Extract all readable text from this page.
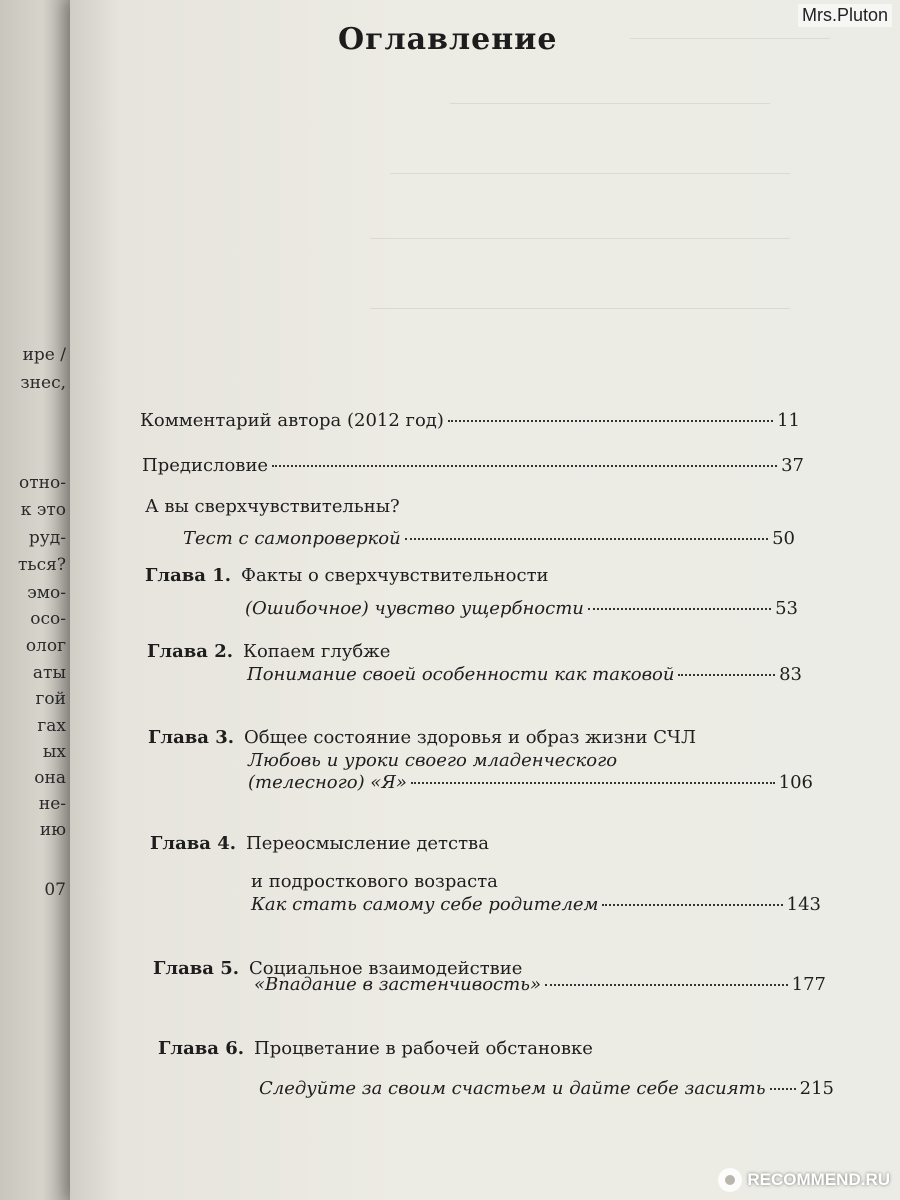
ире /
знес,
отно-
к это
руд-
ться?
эмо-
осо-
олог
аты
гой
гах
ых
она
не-
ию
07
Mrs.Pluton
Оглавление
Комментарий автора (2012 год)	11
Предисловие	37
А вы сверхчувствительны?
Тест с самопроверкой	50
Глава 1. Факты о сверхчувствительности
(Ошибочное) чувство ущербности	53
Глава 2. Копаем глубже
Понимание своей особенности как таковой	83
Глава 3. Общее состояние здоровья и образ жизни СЧЛ
Любовь и уроки своего младенческого
(телесного) «Я»	106
Глава 4. Переосмысление детства
и подросткового возраста
Как стать самому себе родителем	143
Глава 5. Социальное взаимодействие
«Впадание в застенчивость»	177
Глава 6. Процветание в рабочей обстановке
Следуйте за своим счастьем и дайте себе засиять 215
RECOMMEND.RU
